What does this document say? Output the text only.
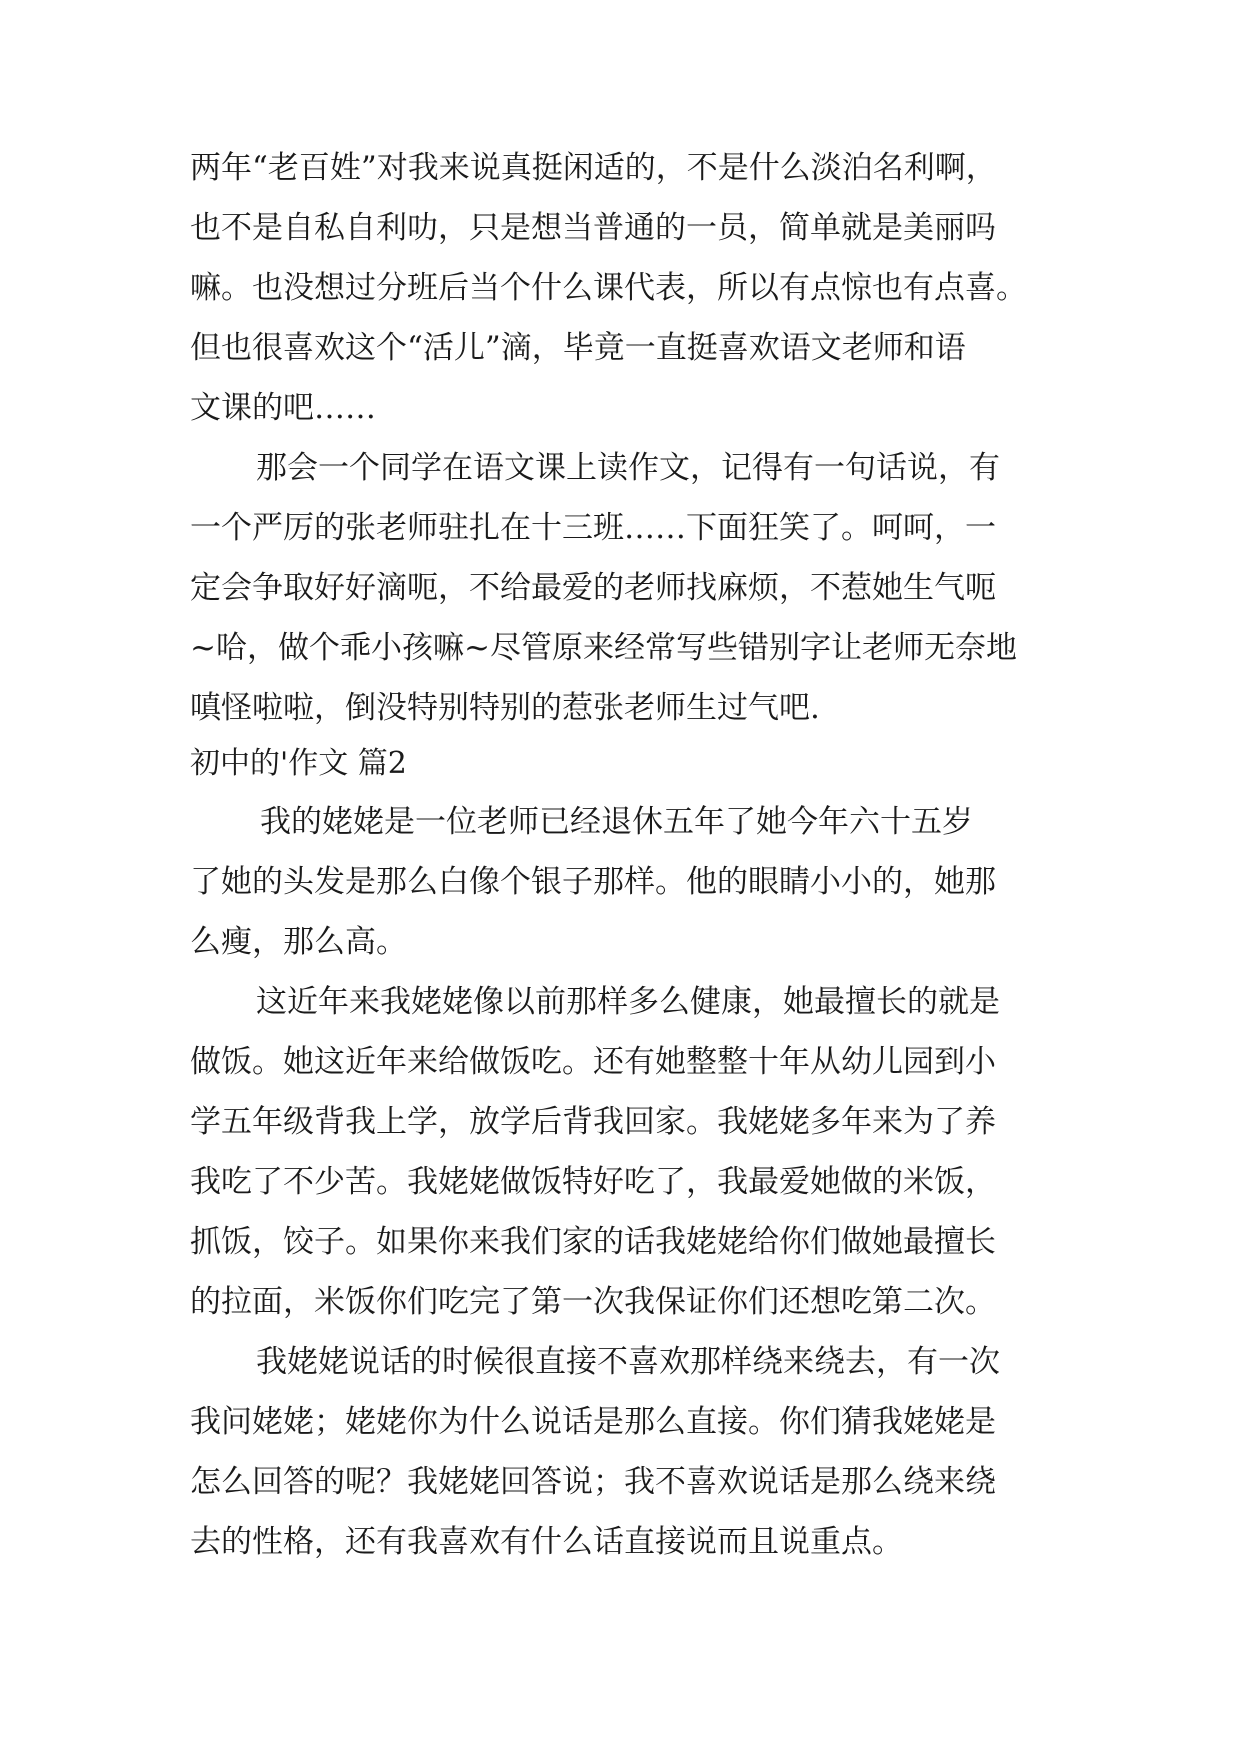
两年“老百姓”对我来说真挺闲适的，不是什么淡泊名利啊，
也不是自私自利叻，只是想当普通的一员，简单就是美丽吗
嘛。也没想过分班后当个什么课代表，所以有点惊也有点喜。
但也很喜欢这个“活儿”滴，毕竟一直挺喜欢语文老师和语
文课的吧……
那会一个同学在语文课上读作文，记得有一句话说，有
一个严厉的张老师驻扎在十三班……下面狂笑了。呵呵，一
定会争取好好滴呃，不给最爱的老师找麻烦，不惹她生气呃
~哈，做个乖小孩嘛~尽管原来经常写些错别字让老师无奈地
嗔怪啦啦，倒没特别特别的惹张老师生过气吧.
初中的'作文 篇2
我的姥姥是一位老师已经退休五年了她今年六十五岁
了她的头发是那么白像个银子那样。他的眼睛小小的，她那
么瘦，那么高。
这近年来我姥姥像以前那样多么健康，她最擅长的就是
做饭。她这近年来给做饭吃。还有她整整十年从幼儿园到小
学五年级背我上学，放学后背我回家。我姥姥多年来为了养
我吃了不少苦。我姥姥做饭特好吃了，我最爱她做的米饭，
抓饭，饺子。如果你来我们家的话我姥姥给你们做她最擅长
的拉面，米饭你们吃完了第一次我保证你们还想吃第二次。
我姥姥说话的时候很直接不喜欢那样绕来绕去，有一次
我问姥姥；姥姥你为什么说话是那么直接。你们猜我姥姥是
怎么回答的呢？我姥姥回答说；我不喜欢说话是那么绕来绕
去的性格，还有我喜欢有什么话直接说而且说重点。
